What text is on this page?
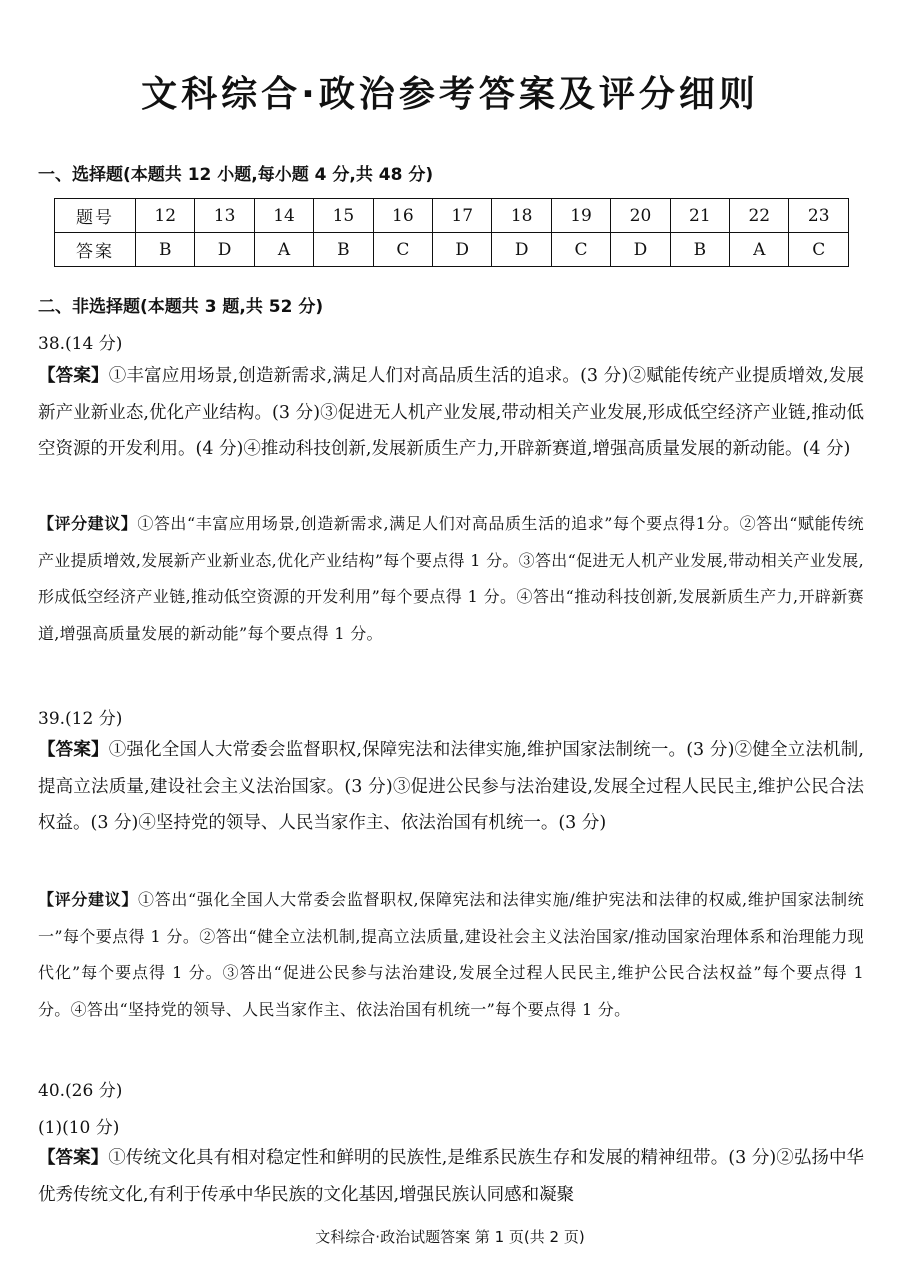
文科综合·政治参考答案及评分细则
一、选择题(本题共 12 小题,每小题 4 分,共 48 分)
题号	12	13	14	15	16	17	18	19	20	21	22	23
答案	B	D	A	B	C	D	D	C	D	B	A	C
二、非选择题(本题共 3 题,共 52 分)
38.(14 分)
【答案】①丰富应用场景,创造新需求,满足人们对高品质生活的追求。(3 分)②赋能传统产业提质增效,发展新产业新业态,优化产业结构。(3 分)③促进无人机产业发展,带动相关产业发展,形成低空经济产业链,推动低空资源的开发利用。(4 分)④推动科技创新,发展新质生产力,开辟新赛道,增强高质量发展的新动能。(4 分)
【评分建议】①答出“丰富应用场景,创造新需求,满足人们对高品质生活的追求”每个要点得1分。②答出“赋能传统产业提质增效,发展新产业新业态,优化产业结构”每个要点得 1 分。③答出“促进无人机产业发展,带动相关产业发展,形成低空经济产业链,推动低空资源的开发利用”每个要点得 1 分。④答出“推动科技创新,发展新质生产力,开辟新赛道,增强高质量发展的新动能”每个要点得 1 分。
39.(12 分)
【答案】①强化全国人大常委会监督职权,保障宪法和法律实施,维护国家法制统一。(3 分)②健全立法机制,提高立法质量,建设社会主义法治国家。(3 分)③促进公民参与法治建设,发展全过程人民民主,维护公民合法权益。(3 分)④坚持党的领导、人民当家作主、依法治国有机统一。(3 分)
【评分建议】①答出“强化全国人大常委会监督职权,保障宪法和法律实施/维护宪法和法律的权威,维护国家法制统一”每个要点得 1 分。②答出“健全立法机制,提高立法质量,建设社会主义法治国家/推动国家治理体系和治理能力现代化”每个要点得 1 分。③答出“促进公民参与法治建设,发展全过程人民民主,维护公民合法权益”每个要点得 1 分。④答出“坚持党的领导、人民当家作主、依法治国有机统一”每个要点得 1 分。
40.(26 分)
(1)(10 分)
【答案】①传统文化具有相对稳定性和鲜明的民族性,是维系民族生存和发展的精神纽带。(3 分)②弘扬中华优秀传统文化,有利于传承中华民族的文化基因,增强民族认同感和凝聚
文科综合·政治试题答案 第 1 页(共 2 页)
